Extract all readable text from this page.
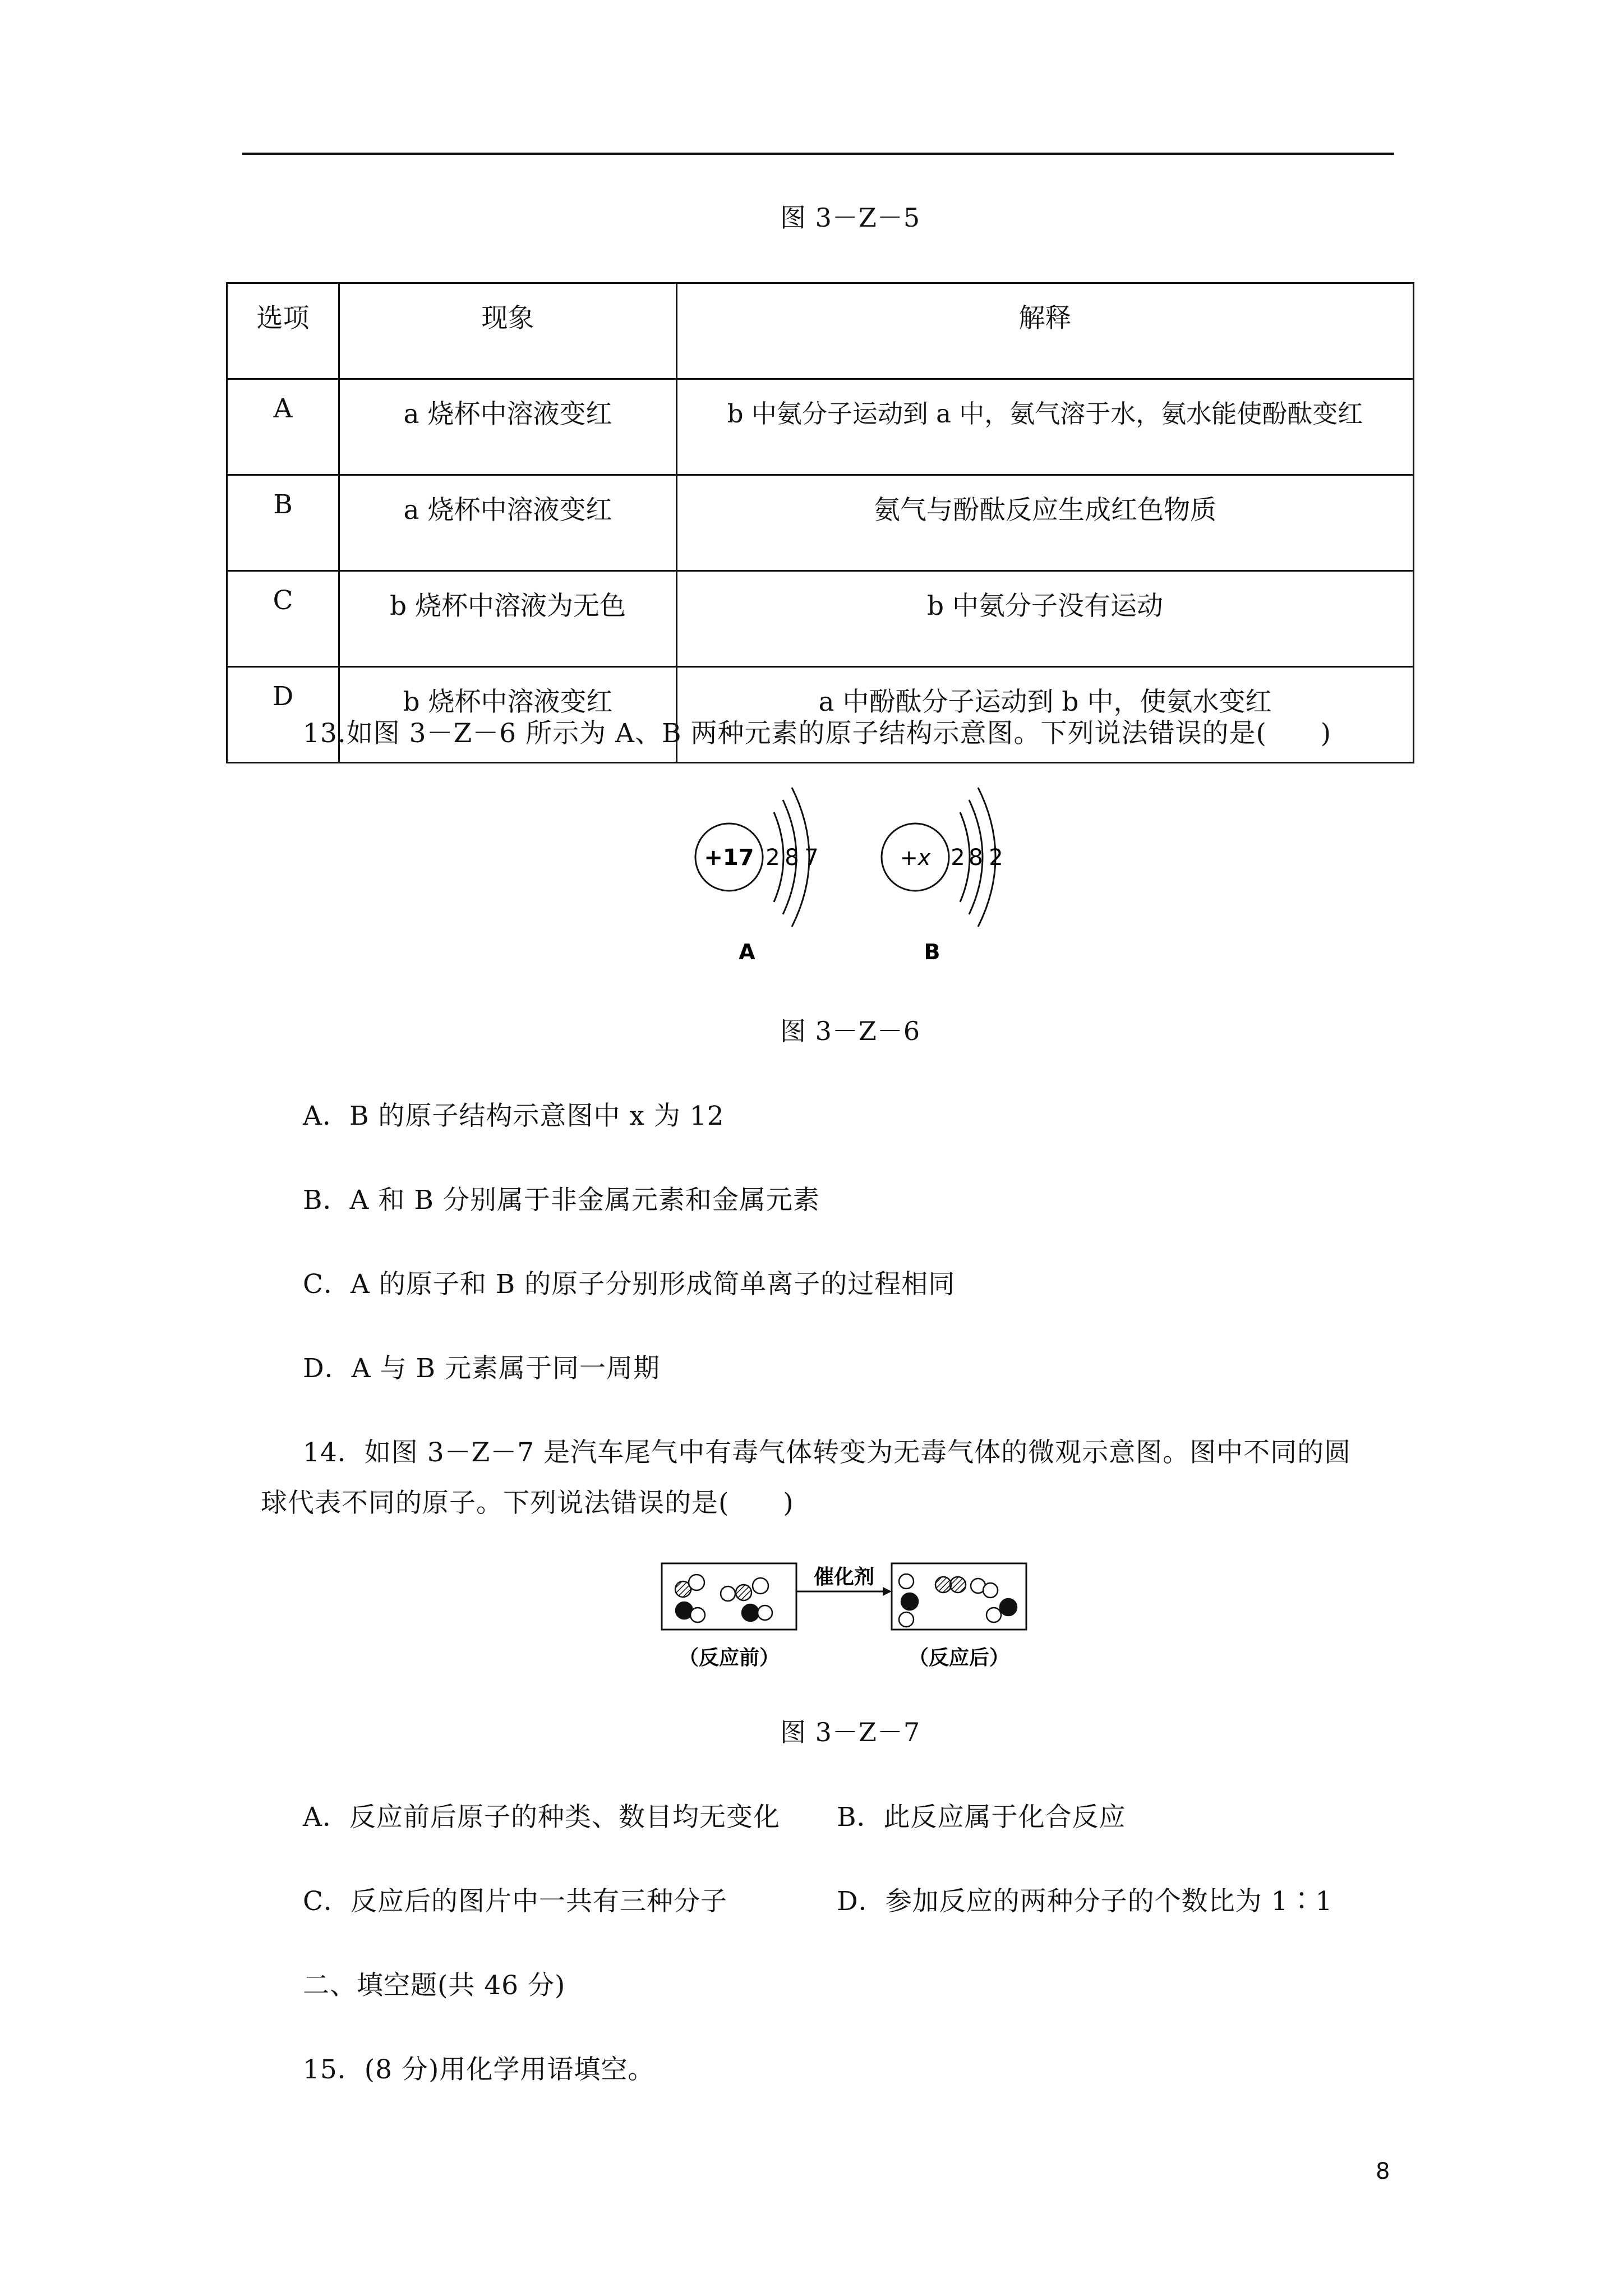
图 3－Z－5
选项	现象	解释
A	a 烧杯中溶液变红	b 中氨分子运动到 a 中，氨气溶于水，氨水能使酚酞变红
B	a 烧杯中溶液变红	氨气与酚酞反应生成红色物质
C	b 烧杯中溶液为无色	b 中氨分子没有运动
D	b 烧杯中溶液变红	a 中酚酞分子运动到 b 中，使氨水变红
13.如图 3－Z－6 所示为 A、B 两种元素的原子结构示意图。下列说法错误的是(　　)
+17 2 8 7	+x 2 8 2
A	B
图 3－Z－6
A．B 的原子结构示意图中 x 为 12
B．A 和 B 分别属于非金属元素和金属元素
C．A 的原子和 B 的原子分别形成简单离子的过程相同
D．A 与 B 元素属于同一周期
14．如图 3－Z－7 是汽车尾气中有毒气体转变为无毒气体的微观示意图。图中不同的圆
球代表不同的原子。下列说法错误的是(　　)
催化剂
（反应前）	（反应后）
图 3－Z－7
A．反应前后原子的种类、数目均无变化 B．此反应属于化合反应
C．反应后的图片中一共有三种分子	D．参加反应的两种分子的个数比为 1∶1
二、填空题(共 46 分)
15．(8 分)用化学用语填空。
8
